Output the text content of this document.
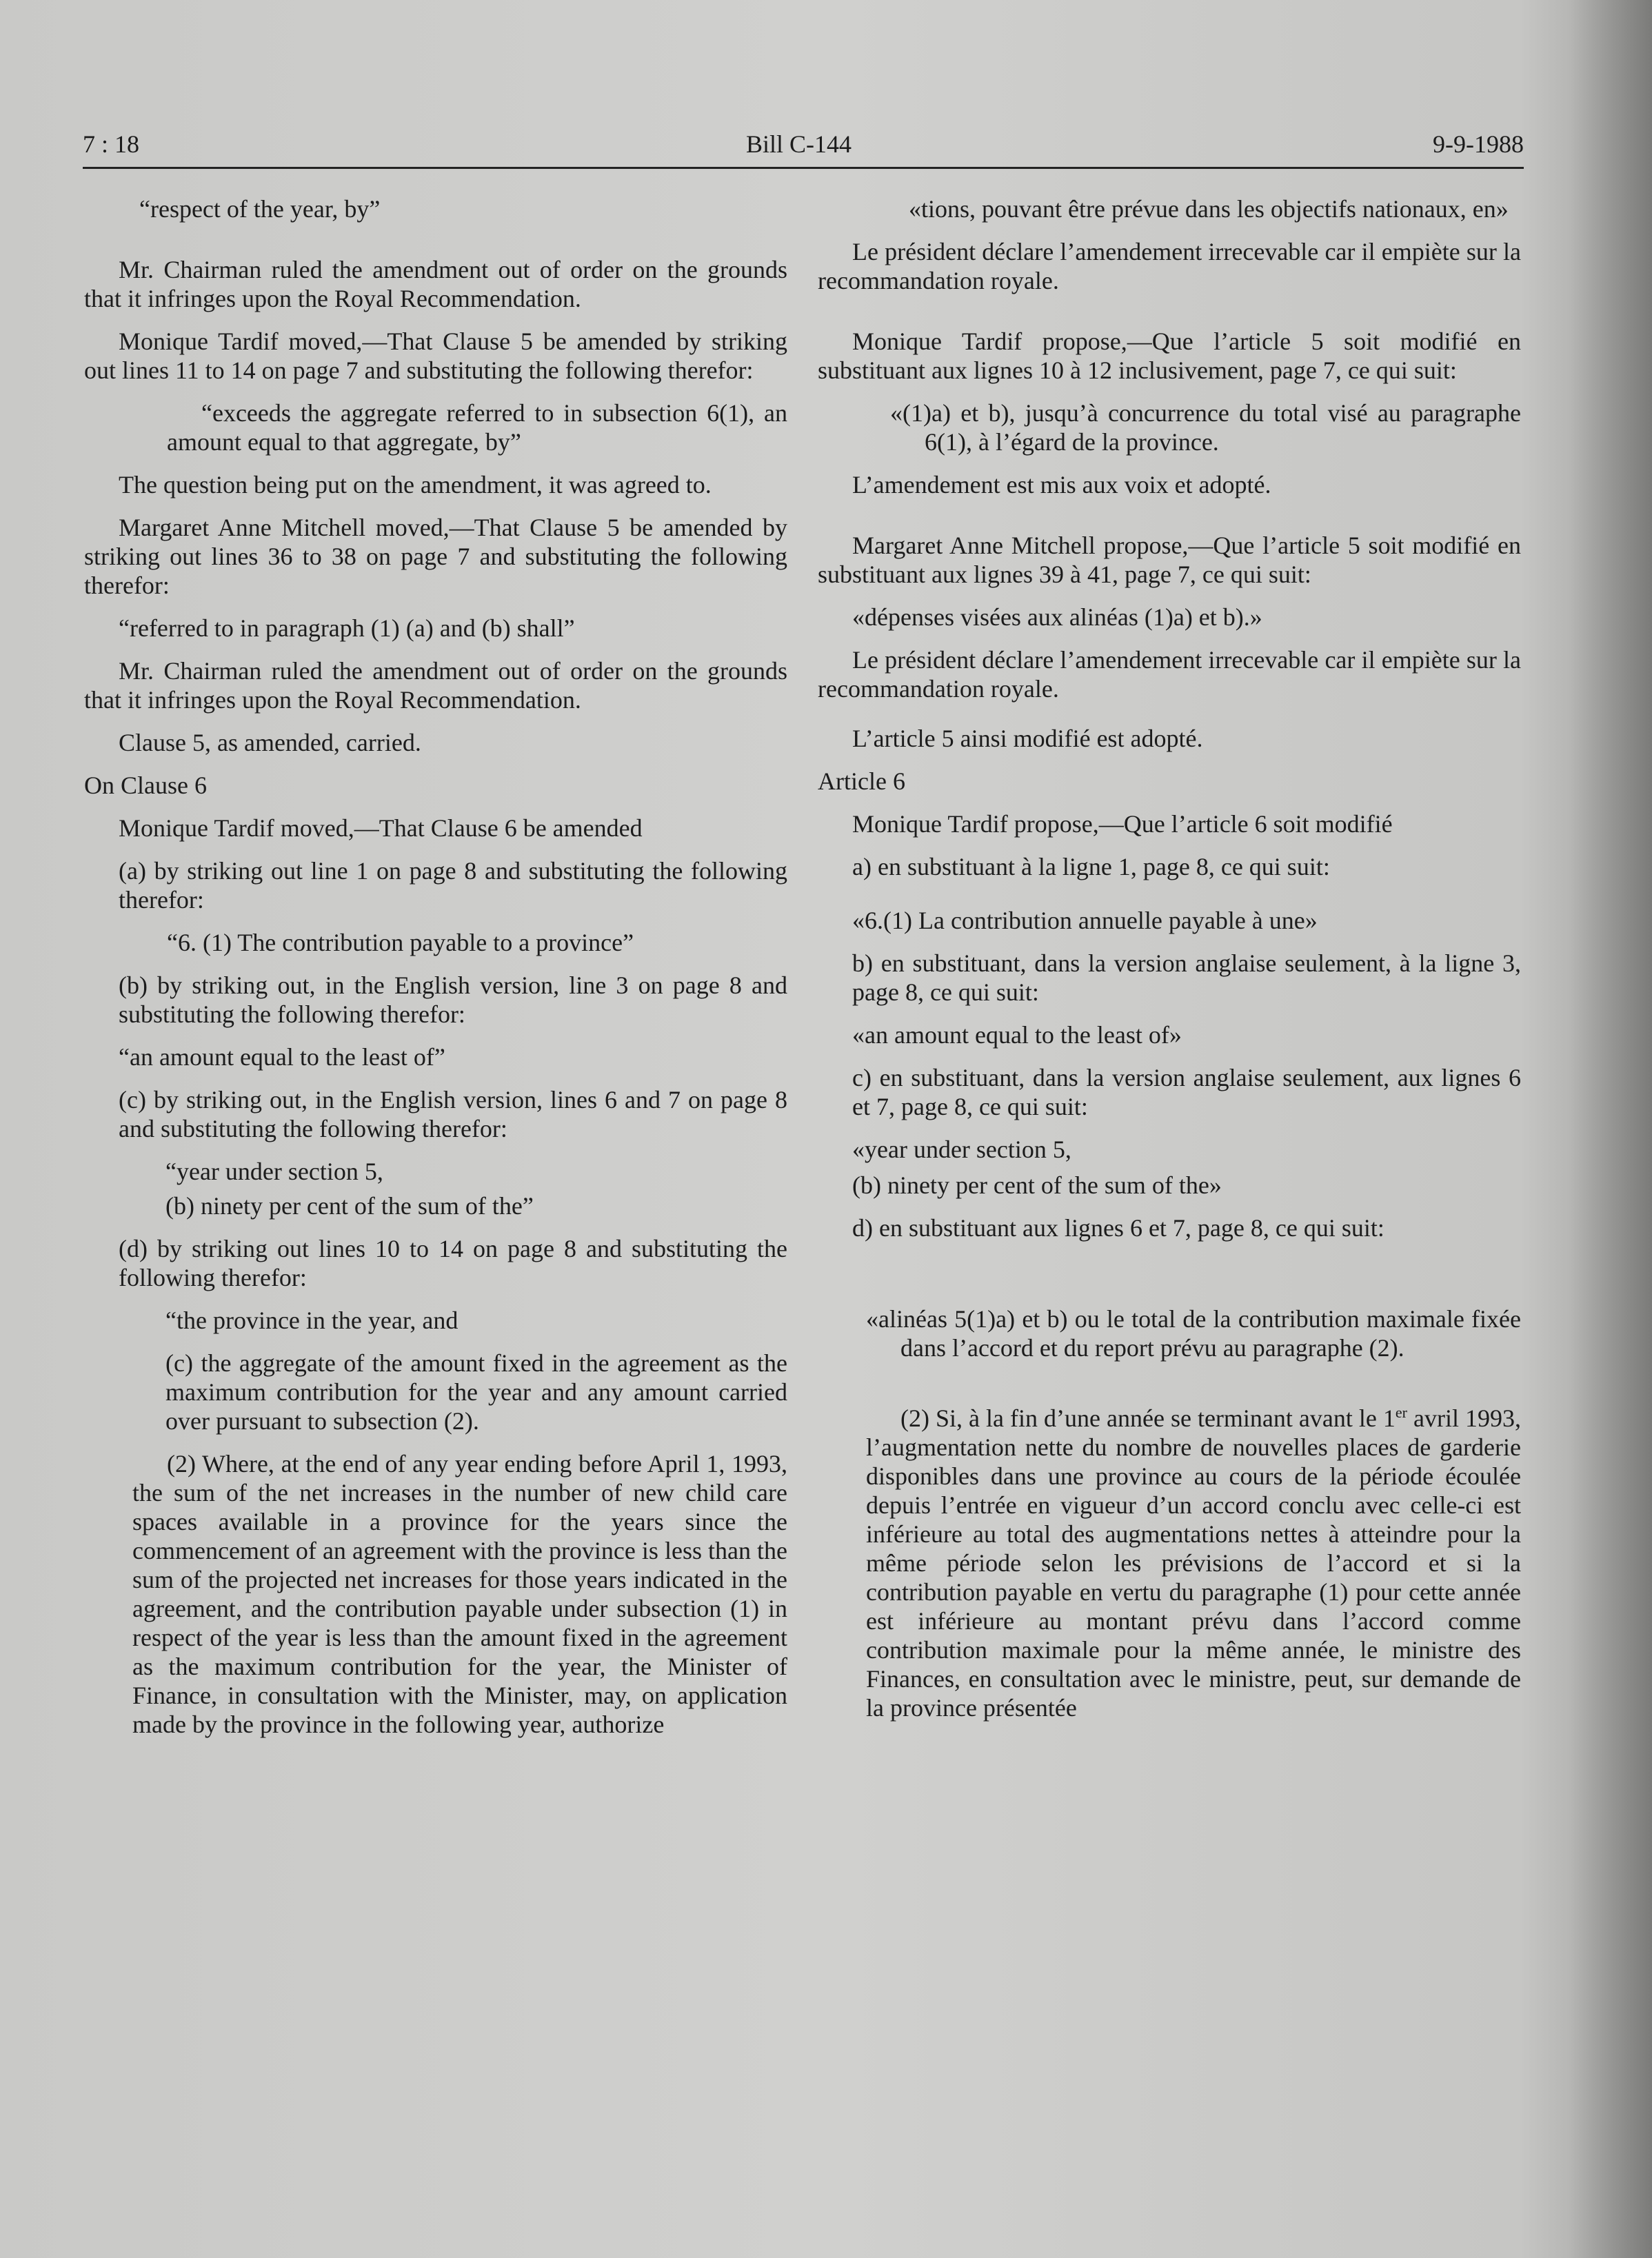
7 : 18	Bill C-144	9-9-1988

“respect of the year, by”

Mr. Chairman ruled the amendment out of order on the grounds that it infringes upon the Royal Recommendation.

Monique Tardif moved,—That Clause 5 be amended by striking out lines 11 to 14 on page 7 and substituting the following therefor:

“exceeds the aggregate referred to in subsection 6(1), an amount equal to that aggregate, by”

The question being put on the amendment, it was agreed to.

Margaret Anne Mitchell moved,—That Clause 5 be amended by striking out lines 36 to 38 on page 7 and substituting the following therefor:

“referred to in paragraph (1) (a) and (b) shall”

Mr. Chairman ruled the amendment out of order on the grounds that it infringes upon the Royal Recommendation.

Clause 5, as amended, carried.

On Clause 6

Monique Tardif moved,—That Clause 6 be amended

(a) by striking out line 1 on page 8 and substituting the following therefor:

“6. (1) The contribution payable to a province”

(b) by striking out, in the English version, line 3 on page 8 and substituting the following therefor:

“an amount equal to the least of”

(c) by striking out, in the English version, lines 6 and 7 on page 8 and substituting the following therefor:

“year under section 5,

(b) ninety per cent of the sum of the”

(d) by striking out lines 10 to 14 on page 8 and substituting the following therefor:

“the province in the year, and

(c) the aggregate of the amount fixed in the agreement as the maximum contribution for the year and any amount carried over pursuant to subsection (2).

(2) Where, at the end of any year ending before April 1, 1993, the sum of the net increases in the number of new child care spaces available in a province for the years since the commencement of an agreement with the province is less than the sum of the projected net increases for those years indicated in the agreement, and the contribution payable under subsection (1) in respect of the year is less than the amount fixed in the agreement as the maximum contribution for the year, the Minister of Finance, in consultation with the Minister, may, on application made by the province in the following year, authorize

«tions, pouvant être prévue dans les objectifs nationaux, en»

Le président déclare l’amendement irrecevable car il empiète sur la recommandation royale.

Monique Tardif propose,—Que l’article 5 soit modifié en substituant aux lignes 10 à 12 inclusivement, page 7, ce qui suit:

«(1)a) et b), jusqu’à concurrence du total visé au paragraphe 6(1), à l’égard de la province.

L’amendement est mis aux voix et adopté.

Margaret Anne Mitchell propose,—Que l’article 5 soit modifié en substituant aux lignes 39 à 41, page 7, ce qui suit:

«dépenses visées aux alinéas (1)a) et b).»

Le président déclare l’amendement irrecevable car il empiète sur la recommandation royale.

L’article 5 ainsi modifié est adopté.

Article 6

Monique Tardif propose,—Que l’article 6 soit modifié

a) en substituant à la ligne 1, page 8, ce qui suit:

«6.(1) La contribution annuelle payable à une»

b) en substituant, dans la version anglaise seulement, à la ligne 3, page 8, ce qui suit:

«an amount equal to the least of»

c) en substituant, dans la version anglaise seulement, aux lignes 6 et 7, page 8, ce qui suit:

«year under section 5,

(b) ninety per cent of the sum of the»

d) en substituant aux lignes 6 et 7, page 8, ce qui suit:

«alinéas 5(1)a) et b) ou le total de la contribution maximale fixée dans l’accord et du report prévu au paragraphe (2).

(2) Si, à la fin d’une année se terminant avant le 1er avril 1993, l’augmentation nette du nombre de nouvelles places de garderie disponibles dans une province au cours de la période écoulée depuis l’entrée en vigueur d’un accord conclu avec celle-ci est inférieure au total des augmentations nettes à atteindre pour la même période selon les prévisions de l’accord et si la contribution payable en vertu du paragraphe (1) pour cette année est inférieure au montant prévu dans l’accord comme contribution maximale pour la même année, le ministre des Finances, en consultation avec le ministre, peut, sur demande de la province présentée
